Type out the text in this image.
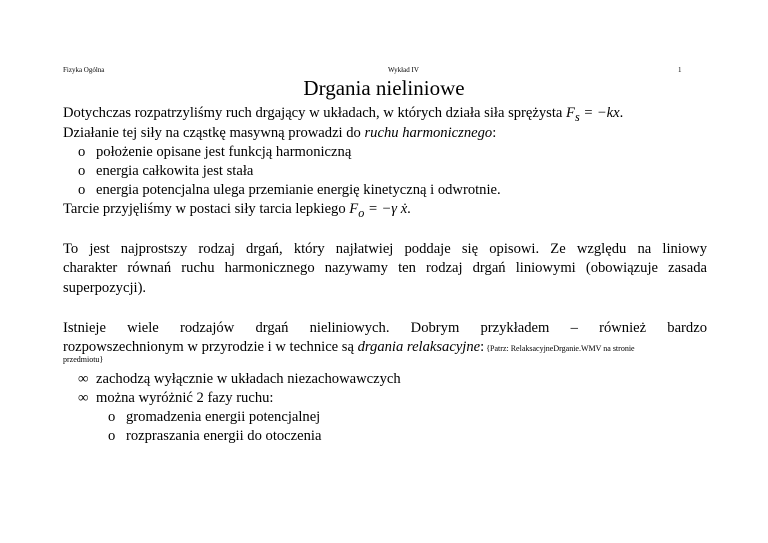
Fizyka Ogólna	Wykład IV	1
Drgania nieliniowe
Dotychczas rozpatrzyliśmy ruch drgający w układach, w których działa siła sprężysta $F_s = -kx$.
Działanie tej siły na cząstkę masywną prowadzi do ruchu harmonicznego:
o położenie opisane jest funkcją harmoniczną
o energia całkowita jest stała
o energia potencjalna ulega przemianie energię kinetyczną i odwrotnie.
Tarcie przyjęliśmy w postaci siły tarcia lepkiego $F_o = -\gamma$ ẋ.
To jest najprostszy rodzaj drgań, który najłatwiej poddaje się opisowi. Ze względu na liniowy
charakter równań ruchu harmonicznego nazywamy ten rodzaj drgań liniowymi (obowiązuje zasada
superpozycji).
Istnieje wiele rodzajów drgań nieliniowych. Dobrym przykładem – również bardzo
rozpowszechnionym w przyrodzie i w technice są drgania relaksacyjne: {Patrz: RelaksacyjneDrganie.WMV na stronie
przedmiotu}
∞ zachodzą wyłącznie w układach niezachowawczych
∞ można wyróżnić 2 fazy ruchu:
o gromadzenia energii potencjalnej
o rozpraszania energii do otoczenia
